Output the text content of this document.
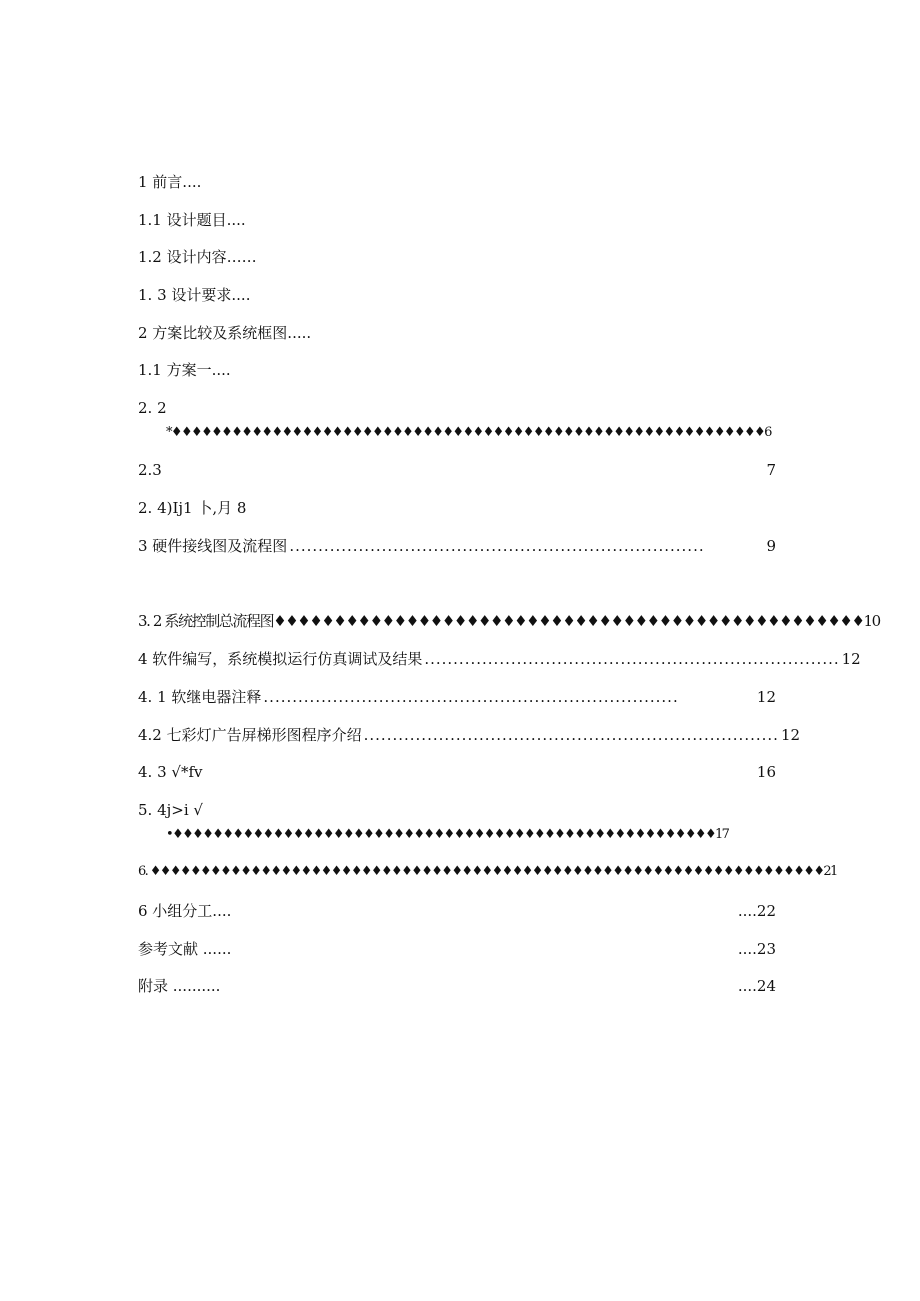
1 前言....
1.1 设计题目....
1.2 设计内容……
1. 3 设计要求....
2 方案比较及系统框图.....
1.1 方案一....
2. 2
*♦♦♦♦♦♦♦♦♦♦♦♦♦♦♦♦♦♦♦♦♦♦♦♦♦♦♦♦♦♦♦♦♦♦♦♦♦♦♦♦♦♦♦♦♦♦♦♦♦♦♦♦♦♦♦♦♦♦♦6
2.3	7
2. 4)Ij1 卜,月 8
3 硬件接线图及流程图 ........................................................................	9
3. 2 系统控制总流程图♦♦♦♦♦♦♦♦♦♦♦♦♦♦♦♦♦♦♦♦♦♦♦♦♦♦♦♦♦♦♦♦♦♦♦♦♦♦♦♦♦♦♦♦♦♦♦♦♦10
4 软件编写，系统模拟运行仿真调试及结果 ........................................................................ 12
4. 1 软继电器注释 ........................................................................	12
4.2 七彩灯广告屏梯形图程序介绍 ........................................................................ 12
4. 3 √*fv	16
5. 4j>i √
•♦♦♦♦♦♦♦♦♦♦♦♦♦♦♦♦♦♦♦♦♦♦♦♦♦♦♦♦♦♦♦♦♦♦♦♦♦♦♦♦♦♦♦♦♦♦♦♦♦♦♦♦♦♦17
6. ♦♦♦♦♦♦♦♦♦♦♦♦♦♦♦♦♦♦♦♦♦♦♦♦♦♦♦♦♦♦♦♦♦♦♦♦♦♦♦♦♦♦♦♦♦♦♦♦♦♦♦♦♦♦♦♦♦♦♦♦♦♦♦♦♦♦♦21
6 小组分工....	....22
参考文献 ......	....23
附录 ..........	....24
